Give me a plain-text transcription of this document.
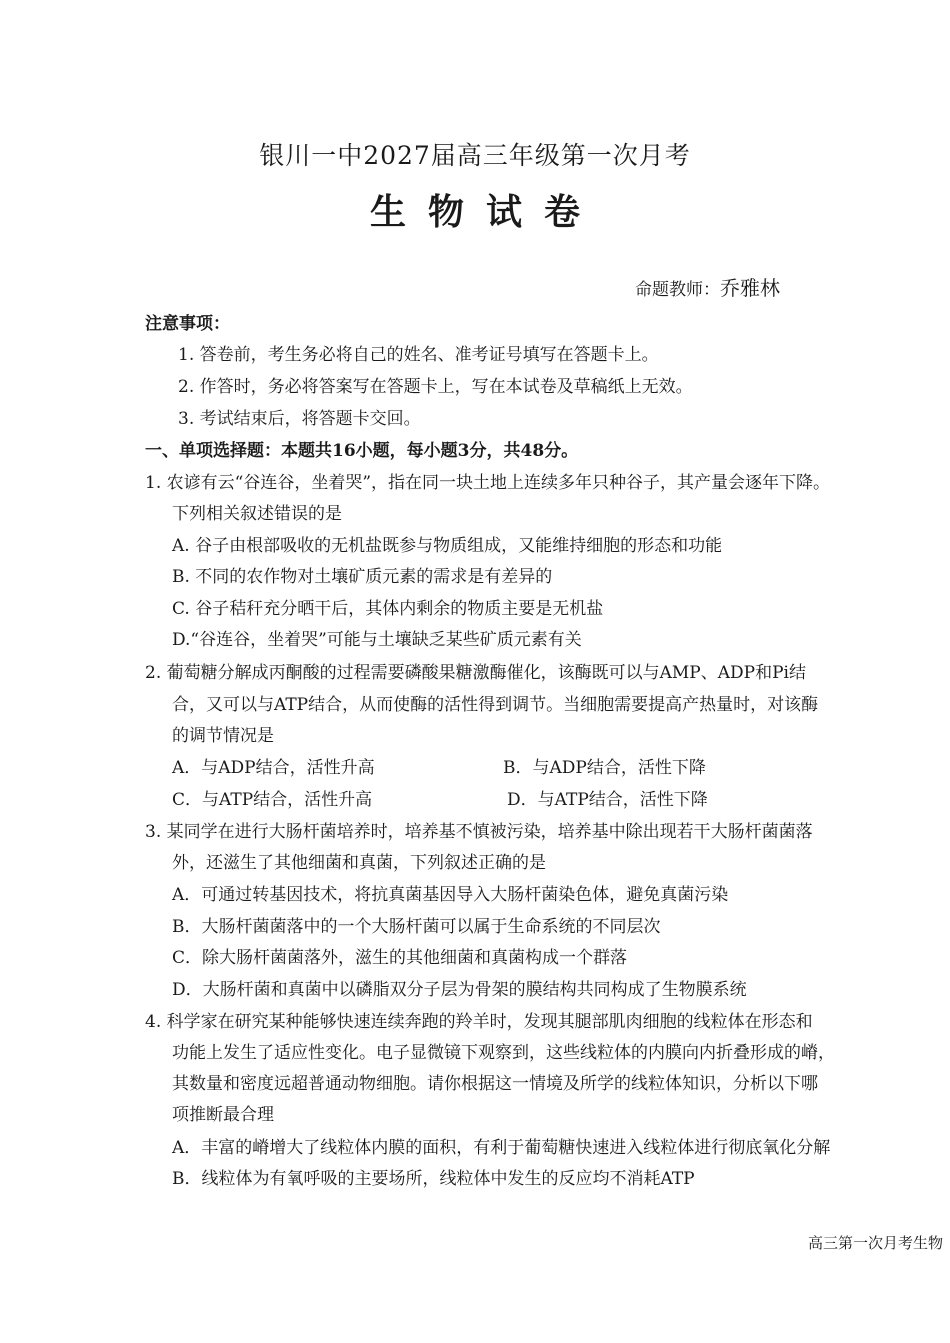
银川一中2027届高三年级第一次月考
生物试卷
命题教师：乔雅林
注意事项：
1. 答卷前，考生务必将自己的姓名、准考证号填写在答题卡上。
2. 作答时，务必将答案写在答题卡上，写在本试卷及草稿纸上无效。
3. 考试结束后，将答题卡交回。
一、单项选择题：本题共16小题，每小题3分，共48分。
1. 农谚有云“谷连谷，坐着哭”，指在同一块土地上连续多年只种谷子，其产量会逐年下降。
下列相关叙述错误的是
A. 谷子由根部吸收的无机盐既参与物质组成，又能维持细胞的形态和功能
B. 不同的农作物对土壤矿质元素的需求是有差异的
C. 谷子秸秆充分晒干后，其体内剩余的物质主要是无机盐
D.“谷连谷，坐着哭”可能与土壤缺乏某些矿质元素有关
2. 葡萄糖分解成丙酮酸的过程需要磷酸果糖激酶催化，该酶既可以与AMP、ADP和Pi结
合，又可以与ATP结合，从而使酶的活性得到调节。当细胞需要提高产热量时，对该酶
的调节情况是
A．与ADP结合，活性升高	B．与ADP结合，活性下降
C．与ATP结合，活性升高	D．与ATP结合，活性下降
3. 某同学在进行大肠杆菌培养时，培养基不慎被污染，培养基中除出现若干大肠杆菌菌落
外，还滋生了其他细菌和真菌，下列叙述正确的是
A．可通过转基因技术，将抗真菌基因导入大肠杆菌染色体，避免真菌污染
B．大肠杆菌菌落中的一个大肠杆菌可以属于生命系统的不同层次
C．除大肠杆菌菌落外，滋生的其他细菌和真菌构成一个群落
D．大肠杆菌和真菌中以磷脂双分子层为骨架的膜结构共同构成了生物膜系统
4. 科学家在研究某种能够快速连续奔跑的羚羊时，发现其腿部肌肉细胞的线粒体在形态和
功能上发生了适应性变化。电子显微镜下观察到，这些线粒体的内膜向内折叠形成的嵴，
其数量和密度远超普通动物细胞。请你根据这一情境及所学的线粒体知识，分析以下哪
项推断最合理
A．丰富的嵴增大了线粒体内膜的面积，有利于葡萄糖快速进入线粒体进行彻底氧化分解
B．线粒体为有氧呼吸的主要场所，线粒体中发生的反应均不消耗ATP
高三第一次月考生物
